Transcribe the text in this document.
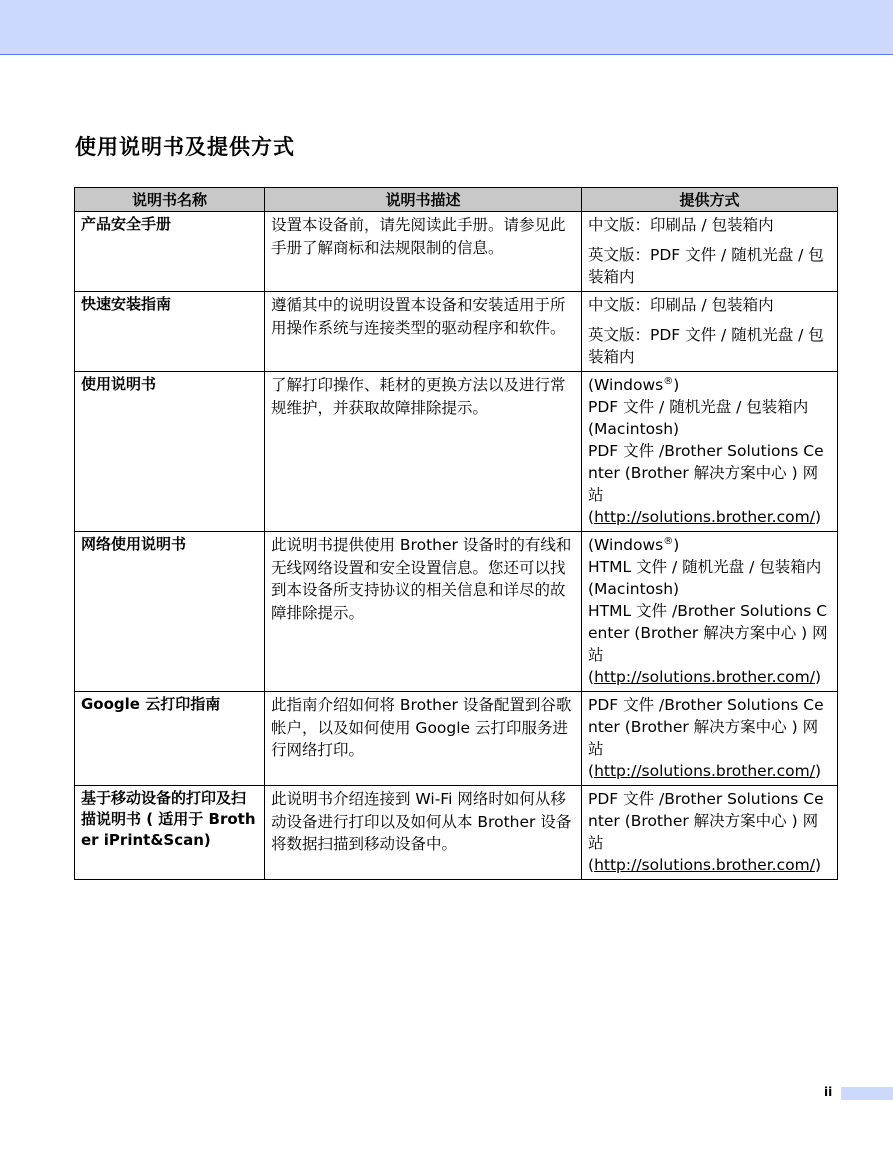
使用说明书及提供方式
说明书名称	说明书描述	提供方式
产品安全手册	设置本设备前，请先阅读此手册。请参见此手册了解商标和法规限制的信息。	中文版：印刷品 / 包装箱内
英文版：PDF 文件 / 随机光盘 / 包装箱内

快速安装指南	遵循其中的说明设置本设备和安装适用于所用操作系统与连接类型的驱动程序和软件。	中文版：印刷品 / 包装箱内
英文版：PDF 文件 / 随机光盘 / 包装箱内

使用说明书	了解打印操作、耗材的更换方法以及进行常规维护，并获取故障排除提示。	(Windows®)
PDF 文件 / 随机光盘 / 包装箱内
(Macintosh)
PDF 文件 /Brother Solutions Center (Brother 解决方案中心 ) 网站
(http://solutions.brother.com/)

网络使用说明书	此说明书提供使用 Brother 设备时的有线和无线网络设置和安全设置信息。您还可以找到本设备所支持协议的相关信息和详尽的故障排除提示。	(Windows®)
HTML 文件 / 随机光盘 / 包装箱内
(Macintosh)
HTML 文件 /Brother Solutions Center (Brother 解决方案中心 ) 网站
(http://solutions.brother.com/)

Google 云打印指南	此指南介绍如何将 Brother 设备配置到谷歌帐户，以及如何使用 Google 云打印服务进行网络打印。	PDF 文件 /Brother Solutions Center (Brother 解决方案中心 ) 网站
(http://solutions.brother.com/)

基于移动设备的打印及扫描说明书 ( 适用于 Brother iPrint&Scan)	此说明书介绍连接到 Wi-Fi 网络时如何从移动设备进行打印以及如何从本 Brother 设备将数据扫描到移动设备中。	PDF 文件 /Brother Solutions Center (Brother 解决方案中心 ) 网站
(http://solutions.brother.com/)
ii
